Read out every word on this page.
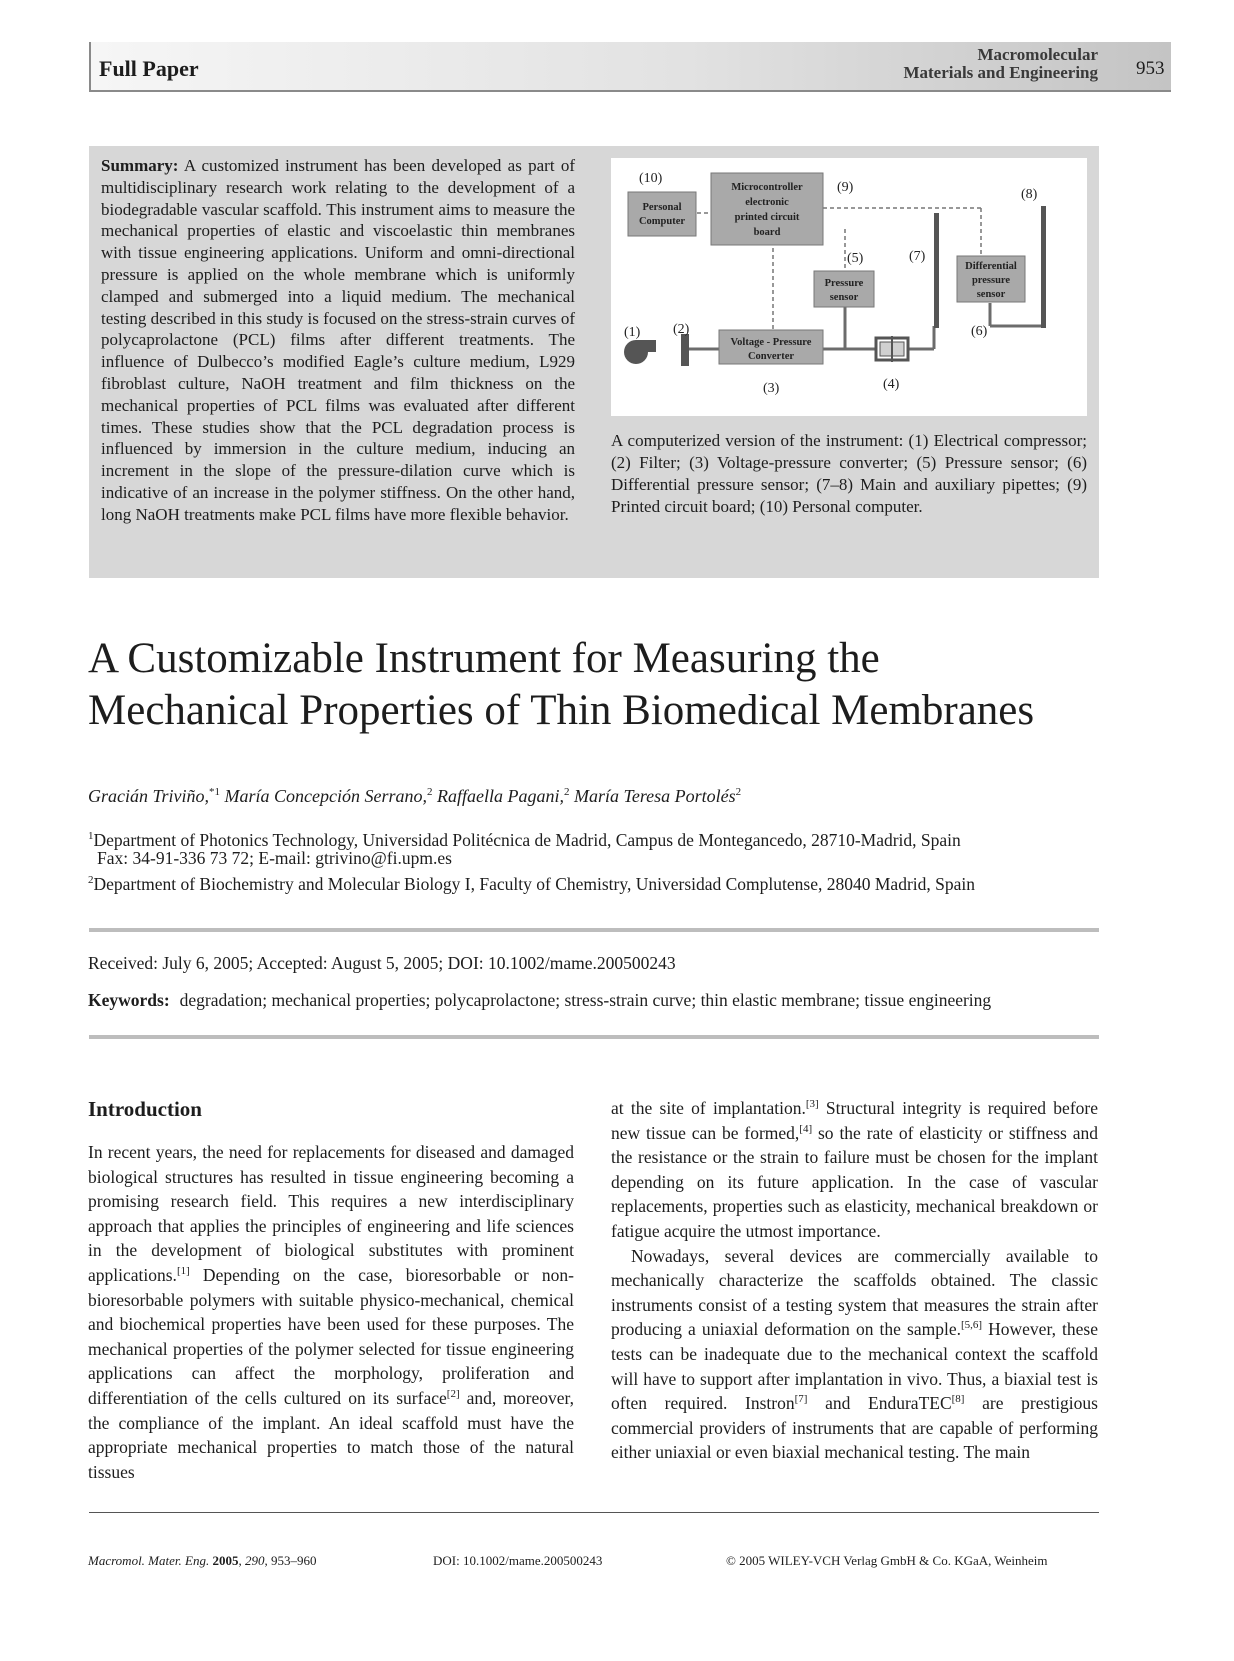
Full Paper
Macromolecular
Materials and Engineering 953
Summary: A customized instrument has been developed as part of multidisciplinary research work relating to the development of a biodegradable vascular scaffold. This instrument aims to measure the mechanical properties of elastic and viscoelastic thin membranes with tissue engineering applications. Uniform and omni-directional pressure is applied on the whole membrane which is uniformly clamped and submerged into a liquid medium. The mechanical testing described in this study is focused on the stress-strain curves of polycaprolactone (PCL) films after different treatments. The influence of Dulbecco’s modified Eagle’s culture medium, L929 fibroblast culture, NaOH treatment and film thickness on the mechanical properties of PCL films was evaluated after different times. These studies show that the PCL degradation process is influenced by immersion in the culture medium, inducing an increment in the slope of the pressure-dilation curve which is indicative of an increase in the polymer stiffness. On the other hand, long NaOH treatments make PCL films have more flexible behavior.
(10)
(9)	(8)
(7)
(5)
(6)
(1) (2)
(3)	(4)
Personal
Computer
Microcontroller
electronic
printed circuit
board
Pressure
sensor
Differential
pressure
sensor
Voltage - Pressure
Converter
A computerized version of the instrument: (1) Electrical compressor; (2) Filter; (3) Voltage-pressure converter; (5) Pressure sensor; (6) Differential pressure sensor; (7–8) Main and auxiliary pipettes; (9) Printed circuit board; (10) Personal computer.
A Customizable Instrument for Measuring the
Mechanical Properties of Thin Biomedical Membranes
Gracián Triviño,$^{*1}$ María Concepción Serrano,$^2$ Raffaella Pagani,$^2$ María Teresa Portolés$^2$
$^1$Department of Photonics Technology, Universidad Politécnica de Madrid, Campus de Montegancedo, 28710-Madrid, Spain
Fax: 34-91-336 73 72; E-mail: gtrivino@fi.upm.es
$^2$Department of Biochemistry and Molecular Biology I, Faculty of Chemistry, Universidad Complutense, 28040 Madrid, Spain
Received: July 6, 2005; Accepted: August 5, 2005; DOI: 10.1002/mame.200500243
Keywords: degradation; mechanical properties; polycaprolactone; stress-strain curve; thin elastic membrane; tissue engineering
Introduction

In recent years, the need for replacements for diseased and damaged biological structures has resulted in tissue engineering becoming a promising research field. This requires a new interdisciplinary approach that applies the principles of engineering and life sciences in the development of biological substitutes with prominent applications.[1] Depending on the case, bioresorbable or non-bioresorbable polymers with suitable physico-mechanical, chemical and biochemical properties have been used for these purposes. The mechanical properties of the polymer selected for tissue engineering applications can affect the morphology, proliferation and differentiation of the cells cultured on its surface[2] and, moreover, the compliance of the implant. An ideal scaffold must have the appropriate mechanical properties to match those of the natural tissues

at the site of implantation.[3] Structural integrity is required before new tissue can be formed,[4] so the rate of elasticity or stiffness and the resistance or the strain to failure must be chosen for the implant depending on its future application. In the case of vascular replacements, properties such as elasticity, mechanical breakdown or fatigue acquire the utmost importance.

Nowadays, several devices are commercially available to mechanically characterize the scaffolds obtained. The classic instruments consist of a testing system that measures the strain after producing a uniaxial deformation on the sample.[5,6] However, these tests can be inadequate due to the mechanical context the scaffold will have to support after implantation in vivo. Thus, a biaxial test is often required. Instron[7] and EnduraTEC[8] are prestigious commercial providers of instruments that are capable of performing either uniaxial or even biaxial mechanical testing. The main

Macromol. Mater. Eng. 2005, 290, 953–960	DOI: 10.1002/mame.200500243	© 2005 WILEY-VCH Verlag GmbH & Co. KGaA, Weinheim
